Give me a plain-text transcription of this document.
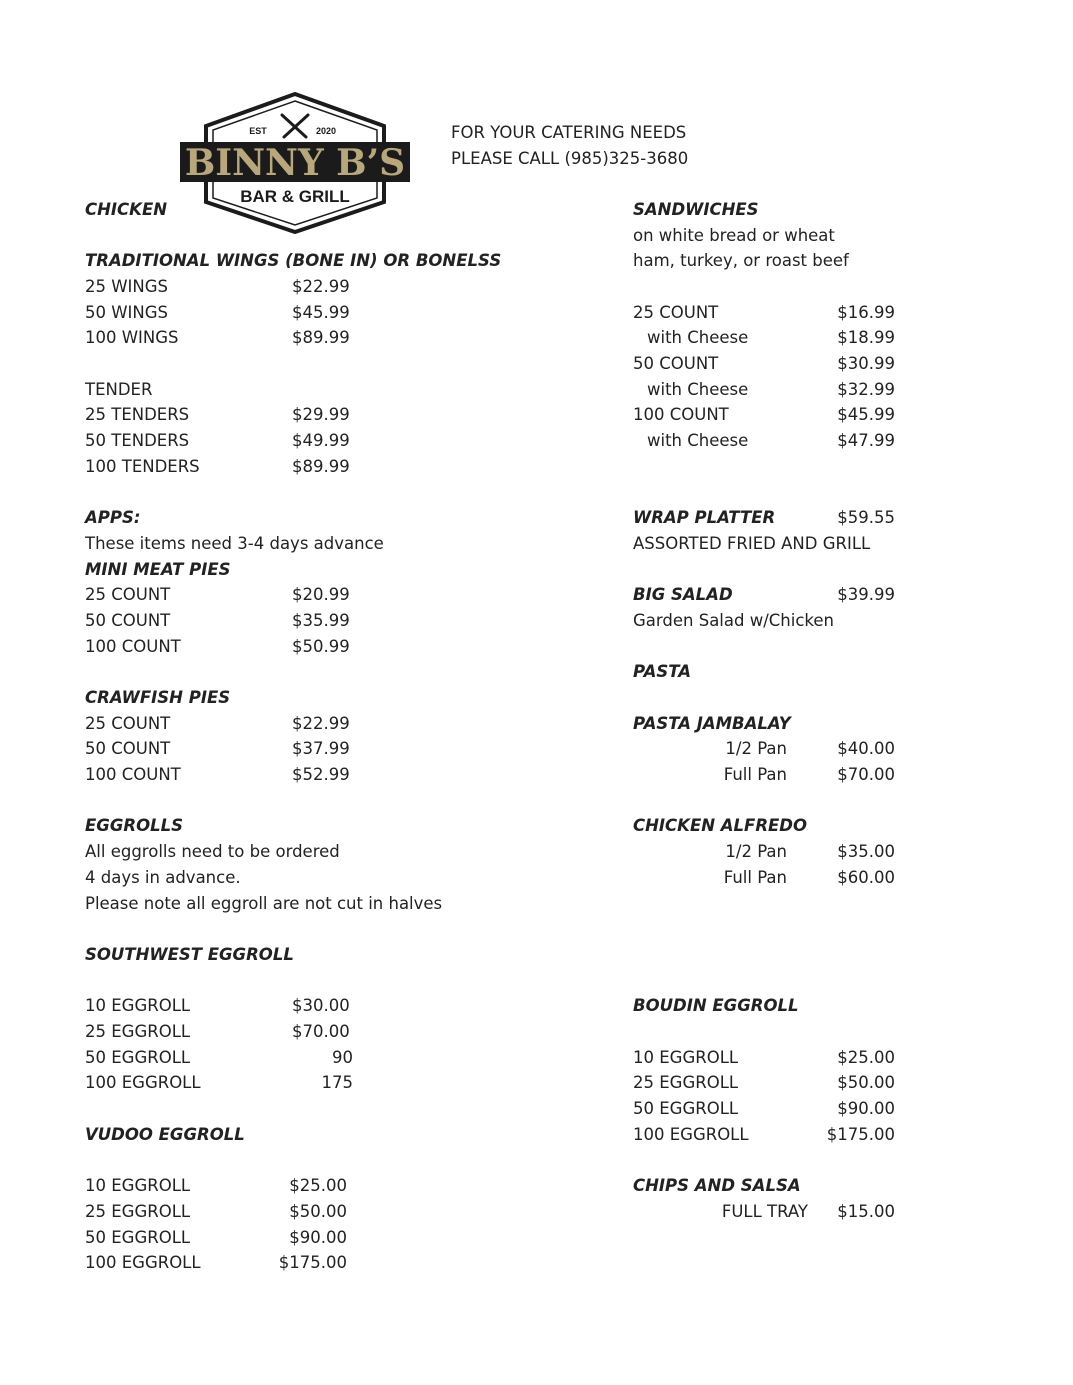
EST	2020
BINNY B’S
BAR & GRILL
FOR YOUR CATERING NEEDS
PLEASE CALL (985)325-3680
CHICKEN
TRADITIONAL WINGS (BONE IN) OR BONELSS
25 WINGS	$22.99
50 WINGS	$45.99
100 WINGS	$89.99
TENDER
25 TENDERS	$29.99
50 TENDERS	$49.99
100 TENDERS	$89.99
APPS:
These items need 3-4 days advance
MINI MEAT PIES
25 COUNT	$20.99
50 COUNT	$35.99
100 COUNT	$50.99
CRAWFISH PIES
25 COUNT	$22.99
50 COUNT	$37.99
100 COUNT	$52.99
EGGROLLS
All eggrolls need to be ordered
4 days in advance.
Please note all eggroll are not cut in halves
SOUTHWEST EGGROLL
10 EGGROLL	$30.00
25 EGGROLL	$70.00
50 EGGROLL	90
100 EGGROLL	175
VUDOO EGGROLL
10 EGGROLL	$25.00
25 EGGROLL	$50.00
50 EGGROLL	$90.00
100 EGGROLL	$175.00
SANDWICHES
on white bread or wheat
ham, turkey, or roast beef
25 COUNT	$16.99
with Cheese	$18.99
50 COUNT	$30.99
with Cheese	$32.99
100 COUNT	$45.99
with Cheese	$47.99
WRAP PLATTER	$59.55
ASSORTED FRIED AND GRILL
BIG SALAD	$39.99
Garden Salad w/Chicken
PASTA
PASTA JAMBALAY
1/2 Pan	$40.00
Full Pan	$70.00
CHICKEN ALFREDO
1/2 Pan	$35.00
Full Pan	$60.00
BOUDIN EGGROLL
10 EGGROLL	$25.00
25 EGGROLL	$50.00
50 EGGROLL	$90.00
100 EGGROLL	$175.00
CHIPS AND SALSA
FULL TRAY	$15.00
